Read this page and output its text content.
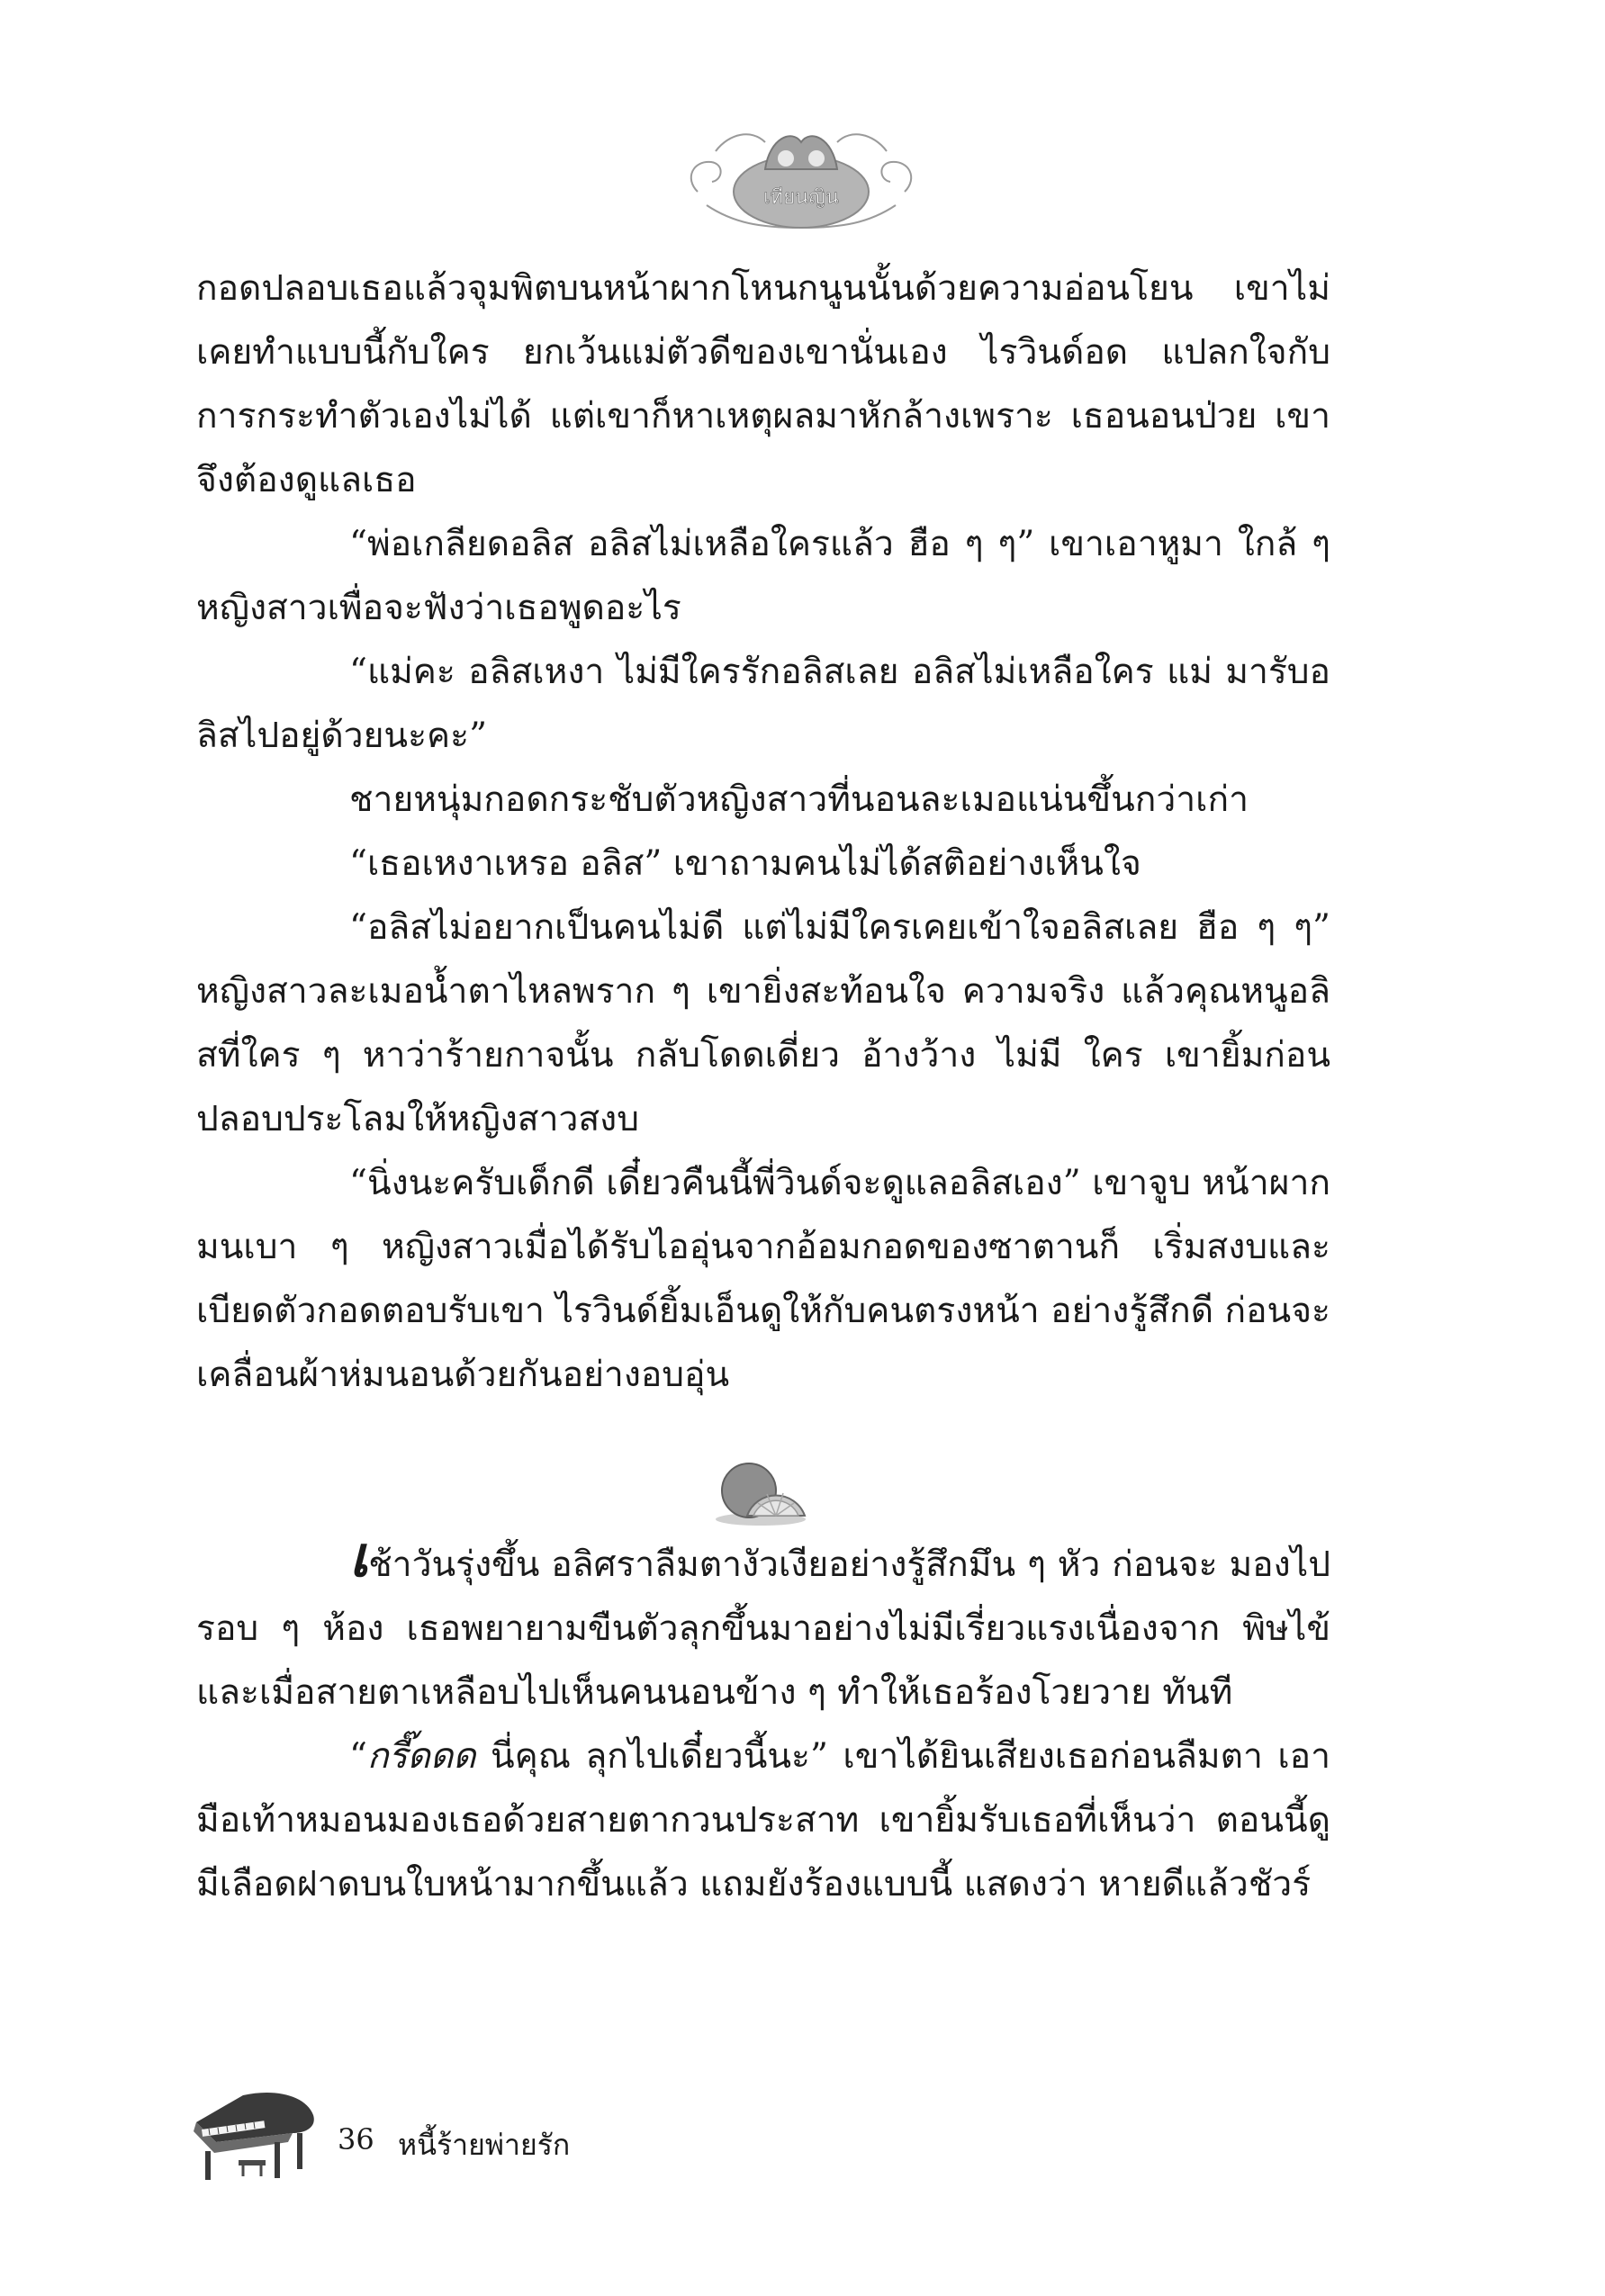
เทียนญิน

กอดปลอบเธอแล้วจุมพิตบนหน้าผากโหนกนูนนั้นด้วยความอ่อนโยน เขาไม่เคยทำแบบนี้กับใคร ยกเว้นแม่ตัวดีของเขานั่นเอง ไรวินด์อด แปลกใจกับการกระทำตัวเองไม่ได้ แต่เขาก็หาเหตุผลมาหักล้างเพราะ เธอนอนป่วย เขาจึงต้องดูแลเธอ

“พ่อเกลียดอลิส อลิสไม่เหลือใครแล้ว ฮือ ๆ ๆ” เขาเอาหูมา ใกล้ ๆ หญิงสาวเพื่อจะฟังว่าเธอพูดอะไร

“แม่คะ อลิสเหงา ไม่มีใครรักอลิสเลย อลิสไม่เหลือใคร แม่ มารับอลิสไปอยู่ด้วยนะคะ”

ชายหนุ่มกอดกระชับตัวหญิงสาวที่นอนละเมอแน่นขึ้นกว่าเก่า

“เธอเหงาเหรอ อลิส” เขาถามคนไม่ได้สติอย่างเห็นใจ

“อลิสไม่อยากเป็นคนไม่ดี แต่ไม่มีใครเคยเข้าใจอลิสเลย ฮือ ๆ ๆ” หญิงสาวละเมอน้ำตาไหลพราก ๆ เขายิ่งสะท้อนใจ ความจริง แล้วคุณหนูอลิสที่ใคร ๆ หาว่าร้ายกาจนั้น กลับโดดเดี่ยว อ้างว้าง ไม่มี ใคร เขายิ้มก่อนปลอบประโลมให้หญิงสาวสงบ

“นิ่งนะครับเด็กดี เดี๋ยวคืนนี้พี่วินด์จะดูแลอลิสเอง” เขาจูบ หน้าผากมนเบา ๆ หญิงสาวเมื่อได้รับไออุ่นจากอ้อมกอดของซาตานก็ เริ่มสงบและเบียดตัวกอดตอบรับเขา ไรวินด์ยิ้มเอ็นดูให้กับคนตรงหน้า อย่างรู้สึกดี ก่อนจะเคลื่อนผ้าห่มนอนด้วยกันอย่างอบอุ่น

เช้าวันรุ่งขึ้น อลิศราลืมตางัวเงียอย่างรู้สึกมึน ๆ หัว ก่อนจะ มองไปรอบ ๆ ห้อง เธอพยายามขืนตัวลุกขึ้นมาอย่างไม่มีเรี่ยวแรงเนื่องจาก พิษไข้ และเมื่อสายตาเหลือบไปเห็นคนนอนข้าง ๆ ทำให้เธอร้องโวยวาย ทันที

“กรี๊ดดด นี่คุณ ลุกไปเดี๋ยวนี้นะ” เขาได้ยินเสียงเธอก่อนลืมตา เอามือเท้าหมอนมองเธอด้วยสายตากวนประสาท เขายิ้มรับเธอที่เห็นว่า ตอนนี้ดูมีเลือดฝาดบนใบหน้ามากขึ้นแล้ว แถมยังร้องแบบนี้ แสดงว่า หายดีแล้วชัวร์

36 หนี้ร้ายพ่ายรัก
